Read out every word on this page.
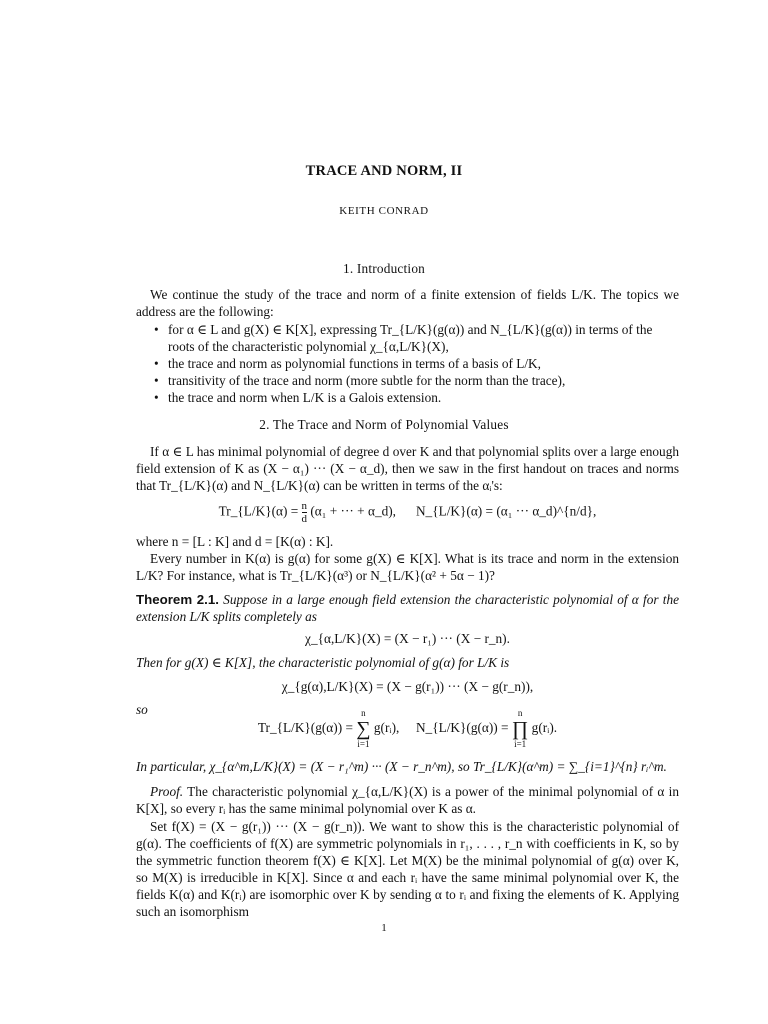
TRACE AND NORM, II
KEITH CONRAD
1. Introduction
We continue the study of the trace and norm of a finite extension of fields L/K. The topics we address are the following:
• for α ∈ L and g(X) ∈ K[X], expressing Tr_{L/K}(g(α)) and N_{L/K}(g(α)) in terms of the roots of the characteristic polynomial χ_{α,L/K}(X),
• the trace and norm as polynomial functions in terms of a basis of L/K,
• transitivity of the trace and norm (more subtle for the norm than the trace),
• the trace and norm when L/K is a Galois extension.
2. The Trace and Norm of Polynomial Values
If α ∈ L has minimal polynomial of degree d over K and that polynomial splits over a large enough field extension of K as (X − α₁) ··· (X − α_d), then we saw in the first handout on traces and norms that Tr_{L/K}(α) and N_{L/K}(α) can be written in terms of the αᵢ's:
Tr_{L/K}(α) = $\frac{n}{d} (\alpha_1$ + ··· + α_d), N_{L/K}(α) = (α₁ ··· α_d)^{n/d},
where n = [L : K] and d = [K(α) : K].
Every number in K(α) is g(α) for some g(X) ∈ K[X]. What is its trace and norm in the extension L/K? For instance, what is Tr_{L/K}(α³) or N_{L/K}(α² + 5α − 1)?
Theorem 2.1. Suppose in a large enough field extension the characteristic polynomial of α for the extension L/K splits completely as
χ_{α,L/K}(X) = (X − r₁) ··· (X − r_n).
Then for g(X) ∈ K[X], the characteristic polynomial of g(α) for L/K is
χ_{g(α),L/K}(X) = (X − g(r₁)) ··· (X − g(r_n)),
so
Tr_{L/K}(g(α)) =
n
∑
i=1
g(rᵢ), N_{L/K}(g(α)) =
n
∏
i=1
g(rᵢ).
In particular, χ_{α^m,L/K}(X) = (X − r₁^m) ··· (X − r_n^m), so Tr_{L/K}(α^m) = ∑_{i=1}^{n} rᵢ^m.
Proof. The characteristic polynomial χ_{α,L/K}(X) is a power of the minimal polynomial of α in K[X], so every rᵢ has the same minimal polynomial over K as α.
Set f(X) = (X − g(r₁)) ··· (X − g(r_n)). We want to show this is the characteristic polynomial of g(α). The coefficients of f(X) are symmetric polynomials in r₁, . . . , r_n with coefficients in K, so by the symmetric function theorem f(X) ∈ K[X]. Let M(X) be the minimal polynomial of g(α) over K, so M(X) is irreducible in K[X]. Since α and each rᵢ have the same minimal polynomial over K, the fields K(α) and K(rᵢ) are isomorphic over K by sending α to rᵢ and fixing the elements of K. Applying such an isomorphism
1
